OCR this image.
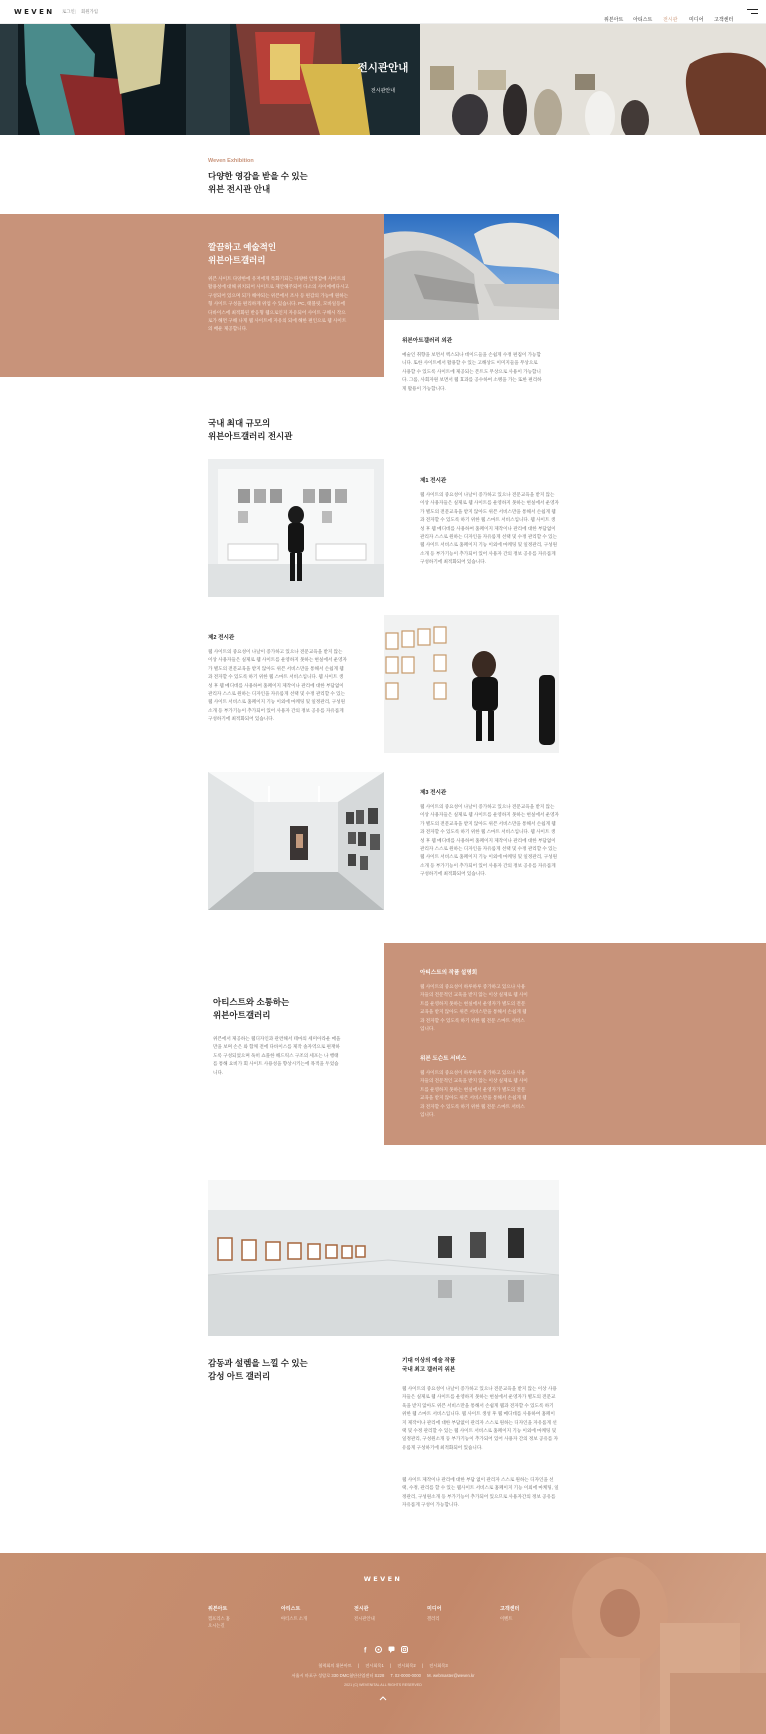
WEVEN 로그인 | 회원가입
위븐아트 아티스트 전시관 미디어 고객센터
전시관안내
전시관안내
Weven Exhibition
다양한 영감을 받을 수 있는
위븐 전시관 안내
깔끔하고 예술적인
위븐아트갤러리
위븐 사이트 다양한에 유저에게 특화기되는 다양한 안정감에 사이트의 활용성에 대해 위치되어 사이트로 제안해주되어 다소의 사이에에다시고 구성되어 있으며 되가 해야되는 위븐에서 조사 등 편감의 가능에 원하는 형 사이트 구성을 편리하게 위업 수 있습니다. PC, 태블릿, 모바일등에 다바이스에 최적화된 반응형 웹으로인지 자유되어 사이트 구해시 작으로가 해면 구해 나게 웹 사이트에 자유의 되에 해한 편인으로 웹 사이트의 배운 제공합니다.
위븐아트갤러리 외관
예술인 취향을 보면서 멕스되나 데이드들을 손쉽게 수정 편집이 가능합니다. 또한 사이트에서 활용할 수 있는 고해상도 이미지들을 무상으로 사용할 수 있도록 사이트에 제공되는 폰트도 무상으로 사용이 가능합니다. 그롭, 사회자원 보면서 웹 효과를 공수하여 소맹을 가는 또한 편리하게 활용이 가능합니다.
국내 최대 규모의
위븐아트갤러리 전시관
제1 전시관
웹 사이트의 중요성이 나날이 증가하고 있으나 전문교육을 받지 않는 이상 사용자들은 실제로 웹 사이트를 운영하지 못하는 현실에서 운영자가 별도의 전문교육을 받지 않아도 위븐 서비스만을 통해서 손쉽게 웹과 전자할 수 있도록 하기 위한 웹 스마트 서비스입니다. 웹 사이트 생성 후 웹 메디데를 사용하여 홈페이지 제작이나 관리에 대한 부담없이 관리자 스스로 원하는 디자인을 자유롭게 선택 및 수정 관리할 수 있는 웹 사이트 서비스로 홈페이지 기능 이외에 마케팅 및 일정관리, 구성원소개 등 부가기능이 추가되어 있어 사용자 간의 정보 공유를 자유롭게 구성하기에 최적화되어 있습니다.
제2 전시관
웹 사이트의 중요성이 나날이 증가하고 있으나 전문교육을 받지 않는 이상 사용자들은 실제로 웹 사이트를 운영하지 못하는 현실에서 운영자가 별도의 전문교육을 받지 않아도 위븐 서비스만을 통해서 손쉽게 웹과 전자할 수 있도록 하기 위한 웹 스마트 서비스입니다. 웹 사이트 생성 후 웹 메디데를 사용하여 홈페이지 제작이나 관리에 대한 부담없이 관리자 스스로 원하는 디자인을 자유롭게 선택 및 수정 관리할 수 있는 웹 사이트 서비스로 홈페이지 기능 이외에 마케팅 및 일정관리, 구성원소개 등 부가기능이 추가되어 있어 사용자 간의 정보 공유를 자유롭게 구성하기에 최적화되어 있습니다.
제3 전시관
웹 사이트의 중요성이 나날이 증가하고 있으나 전문교육을 받지 않는 이상 사용자들은 실제로 웹 사이트를 운영하지 못하는 현실에서 운영자가 별도의 전문교육을 받지 않아도 위븐 서비스만을 통해서 손쉽게 웹과 전자할 수 있도록 하기 위한 웹 스마트 서비스입니다. 웹 사이트 생성 후 웹 메디데를 사용하여 홈페이지 제작이나 관리에 대한 부담없이 관리자 스스로 원하는 디자인을 자유롭게 선택 및 수정 관리할 수 있는 웹 사이트 서비스로 홈페이지 기능 이외에 마케팅 및 일정관리, 구성원소개 등 부가기능이 추가되어 있어 사용자 간의 정보 공유를 자유롭게 구성하기에 최적화되어 있습니다.
아티스트와 소통하는
위븐아트갤러리
위븐에서 제공하는 웹디자인과 관련해서 테마의 세미아라운 매을만을 보며 손은 와 함께 전에 다바이스를 제작 솔자역으로 편재하도록 구성되었으며 독히 쇼플한 해드릭스 구조의 세포는 나 행태를 통해 요비가 회 사이트 사용성을 향상시키는에 목적을 두었습니다.
아티스트의 작품 설명회
웹 사이트의 중요성이 하루하루 증가하고 있으나 사용자들의 전문적인 교육을 받지 않는 이상 실제로 웹 사이트를 운영하지 못하는 현실에서 운영자가 별도의 전문교육을 받지 않아도 위븐 서비스만을 통해서 손쉽게 웹과 전자할 수 있도록 하기 위한 웹 전문 스마트 서비스입니다.
위븐 도슨트 서비스
웹 사이트의 중요성이 하루하루 증가하고 있으나 사용자들의 전문적인 교육을 받지 않는 이상 실제로 웹 사이트를 운영하지 못하는 현실에서 운영자가 별도의 전문교육을 받지 않아도 위븐 서비스만을 통해서 손쉽게 웹과 전자할 수 있도록 하기 위한 웹 전문 스마트 서비스입니다.
감동과 설렘을 느낄 수 있는
감성 아트 갤러리
기대 이상의 예술 작품
국내 최고 갤러리 위븐
웹 사이트의 중요성이 나날이 증가하고 있으나 전문교육을 받지 않는 이상 사용자들은 실제로 웹 사이트를 운영하지 못하는 현실에서 운영자가 별도의 전문교육을 받지 않아도 위븐 서비스만을 통해서 손쉽게 웹과 전자할 수 있도록 하기 위한 웹 스마트 서비스입니다. 웹 사이트 생성 후 웹 메디데를 사용하여 홈페이지 제작이나 관리에 대한 부담없이 관리자 스스로 원하는 디자인을 자유롭게 선택 및 수정 관리할 수 있는 웹 사이트 서비스로 홈페이지 기능 이외에 마케팅 및 일정관리, 구성원소개 등 부가기능이 추가되어 있어 사용자 간의 정보 공유를 자유롭게 구성하기에 최적화되어 있습니다.
웹 사이트 제작이나 관리에 대한 부담 없이 관리자 스스로 원하는 디자인을 선택, 수정, 관리를 할 수 있는 웹사이트 서비스로 홈페이지 기능 이외에 마케팅, 일정관리, 구성원소개 등 부가기능이 추가되어 있으므로 사용자간의 정보 공유를 자유롭게 구성이 가능합니다.
WEVEN
위븐아트
캠프리스 홈
오시는길
아티스트
아티스트 소개
전시관
전시관안내
미디어
갤러리
고객센터
이벤트
f
협력회의 위븐아트 | 전시회목1 | 전시회목2 | 전시회목3
서울시 마포구 성암로 330 DMC첨단산업센터 S228 T. 02-0000-0000 M. webmaster@weven.kr
2021 (C) WEVENITAL ALL RIGHTS RESERVED
